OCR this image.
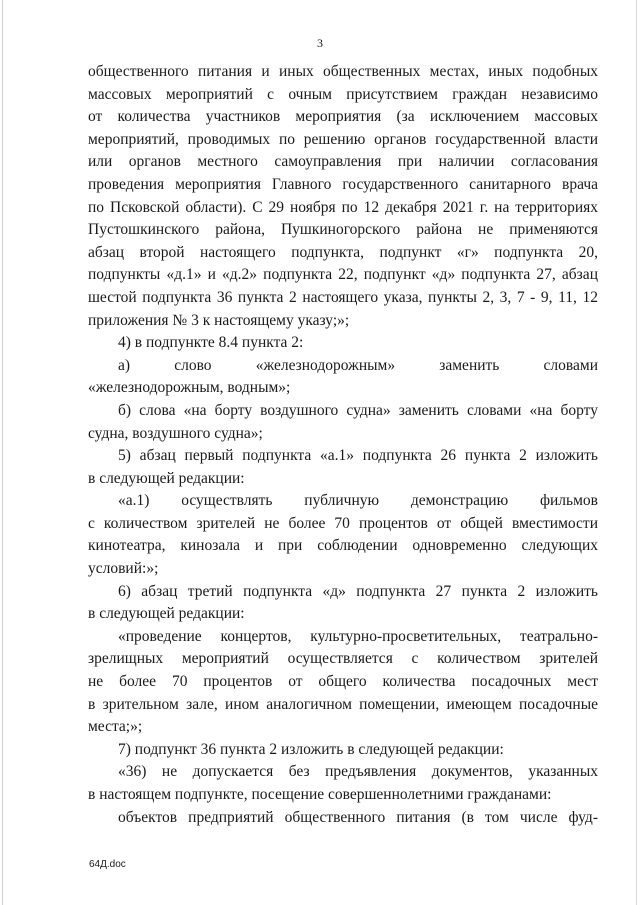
3
общественного питания и иных общественных местах, иных подобных
массовых мероприятий с очным присутствием граждан независимо
от количества участников мероприятия (за исключением массовых
мероприятий, проводимых по решению органов государственной власти
или органов местного самоуправления при наличии согласования
проведения мероприятия Главного государственного санитарного врача
по Псковской области). С 29 ноября по 12 декабря 2021 г. на территориях
Пустошкинского района, Пушкиногорского района не применяются
абзац второй настоящего подпункта, подпункт «г» подпункта 20,
подпункты «д.1» и «д.2» подпункта 22, подпункт «д» подпункта 27, абзац
шестой подпункта 36 пункта 2 настоящего указа, пункты 2, 3, 7 - 9, 11, 12
приложения № 3 к настоящему указу;»;
4) в подпункте 8.4 пункта 2:
а) слово «железнодорожным» заменить словами
«железнодорожным, водным»;
б) слова «на борту воздушного судна» заменить словами «на борту
судна, воздушного судна»;
5) абзац первый подпункта «а.1» подпункта 26 пункта 2 изложить
в следующей редакции:
«а.1) осуществлять публичную демонстрацию фильмов
с количеством зрителей не более 70 процентов от общей вместимости
кинотеатра, кинозала и при соблюдении одновременно следующих
условий:»;
6) абзац третий подпункта «д» подпункта 27 пункта 2 изложить
в следующей редакции:
«проведение концертов, культурно-просветительных, театрально-
зрелищных мероприятий осуществляется с количеством зрителей
не более 70 процентов от общего количества посадочных мест
в зрительном зале, ином аналогичном помещении, имеющем посадочные
места;»;
7) подпункт 36 пункта 2 изложить в следующей редакции:
«36) не допускается без предъявления документов, указанных
в настоящем подпункте, посещение совершеннолетними гражданами:
объектов предприятий общественного питания (в том числе фуд-
64Д.doc
